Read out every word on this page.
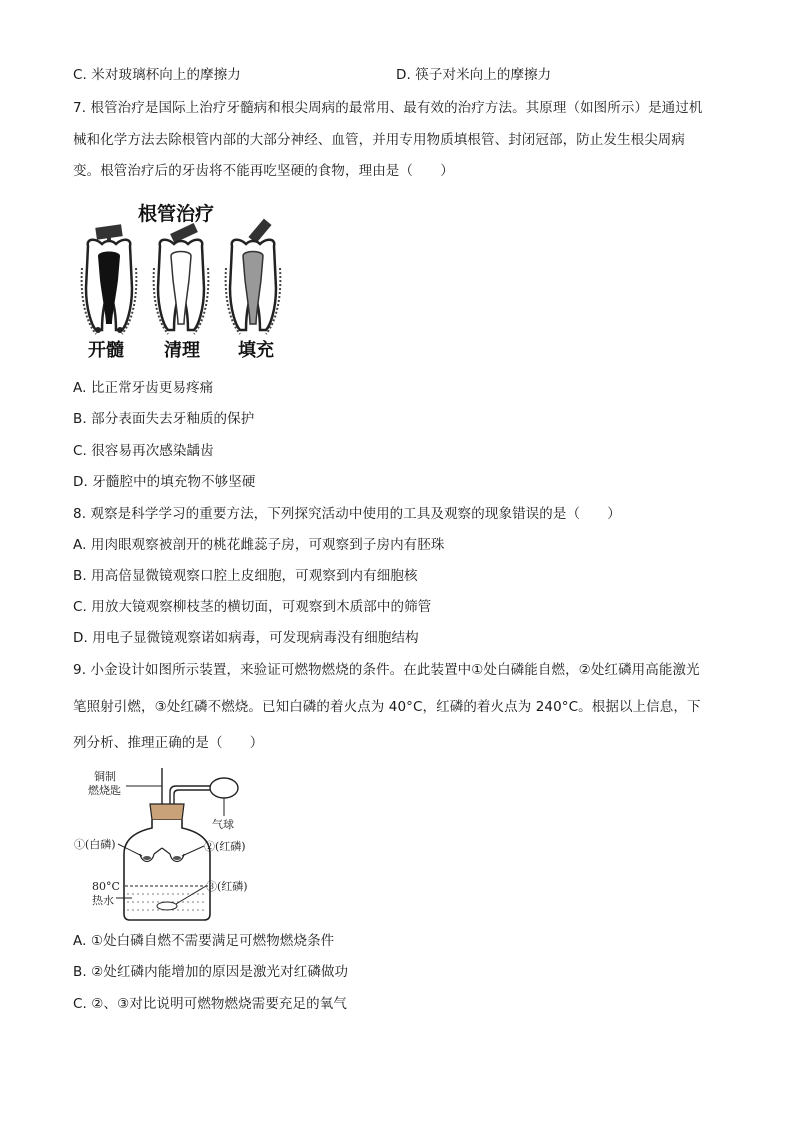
C. 米对玻璃杯向上的摩擦力	D. 筷子对米向上的摩擦力
7. 根管治疗是国际上治疗牙髓病和根尖周病的最常用、最有效的治疗方法。其原理（如图所示）是通过机
械和化学方法去除根管内部的大部分神经、血管，并用专用物质填根管、封闭冠部，防止发生根尖周病
变。根管治疗后的牙齿将不能再吃坚硬的食物，理由是（　　）
根管治疗
开髓 清理 填充
A. 比正常牙齿更易疼痛
B. 部分表面失去牙釉质的保护
C. 很容易再次感染龋齿
D. 牙髓腔中的填充物不够坚硬
8. 观察是科学学习的重要方法，下列探究活动中使用的工具及观察的现象错误的是（　　）
A. 用肉眼观察被剖开的桃花雌蕊子房，可观察到子房内有胚珠
B. 用高倍显微镜观察口腔上皮细胞，可观察到内有细胞核
C. 用放大镜观察柳枝茎的横切面，可观察到木质部中的筛管
D. 用电子显微镜观察诺如病毒，可发现病毒没有细胞结构
9. 小金设计如图所示装置，来验证可燃物燃烧的条件。在此装置中①处白磷能自燃，②处红磷用高能激光
笔照射引燃，③处红磷不燃烧。已知白磷的着火点为 40°C，红磷的着火点为 240°C。根据以上信息，下
列分析、推理正确的是（　　）
铜制
燃烧匙
气球
①(白磷)	②(红磷)
③(红磷)
80°C
热水
A. ①处白磷自燃不需要满足可燃物燃烧条件
B. ②处红磷内能增加的原因是激光对红磷做功
C. ②、③对比说明可燃物燃烧需要充足的氧气
